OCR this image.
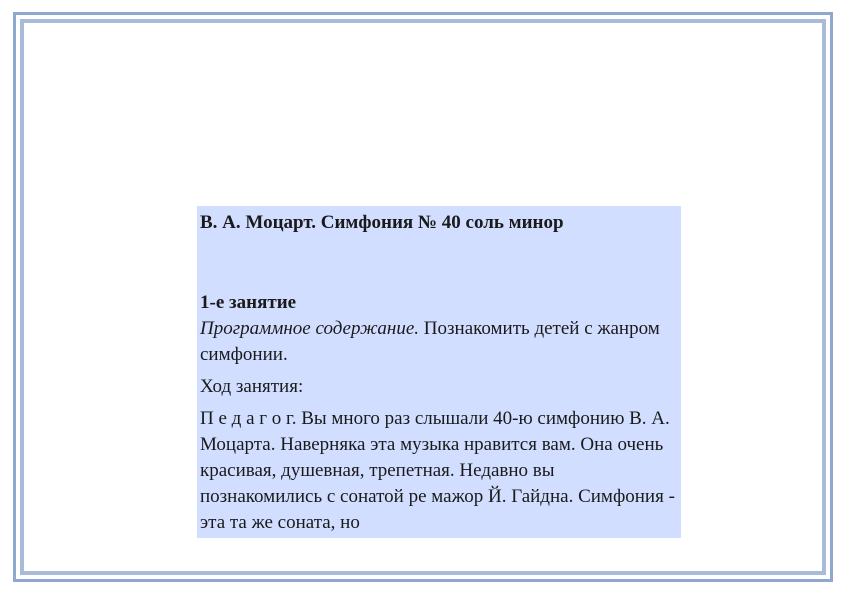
В. А. Моцарт. Симфония № 40 соль минор

1-е занятие

Программное содержание. Познакомить детей с жанром симфонии.

Ход занятия:

П е д а г о г. Вы много раз слышали 40-ю симфонию В. А. Моцарта. Наверняка эта музыка нравится вам. Она очень красивая, душевная, трепетная. Недавно вы познакомились с сонатой ре мажор Й. Гайдна. Симфония - эта та же соната, но
